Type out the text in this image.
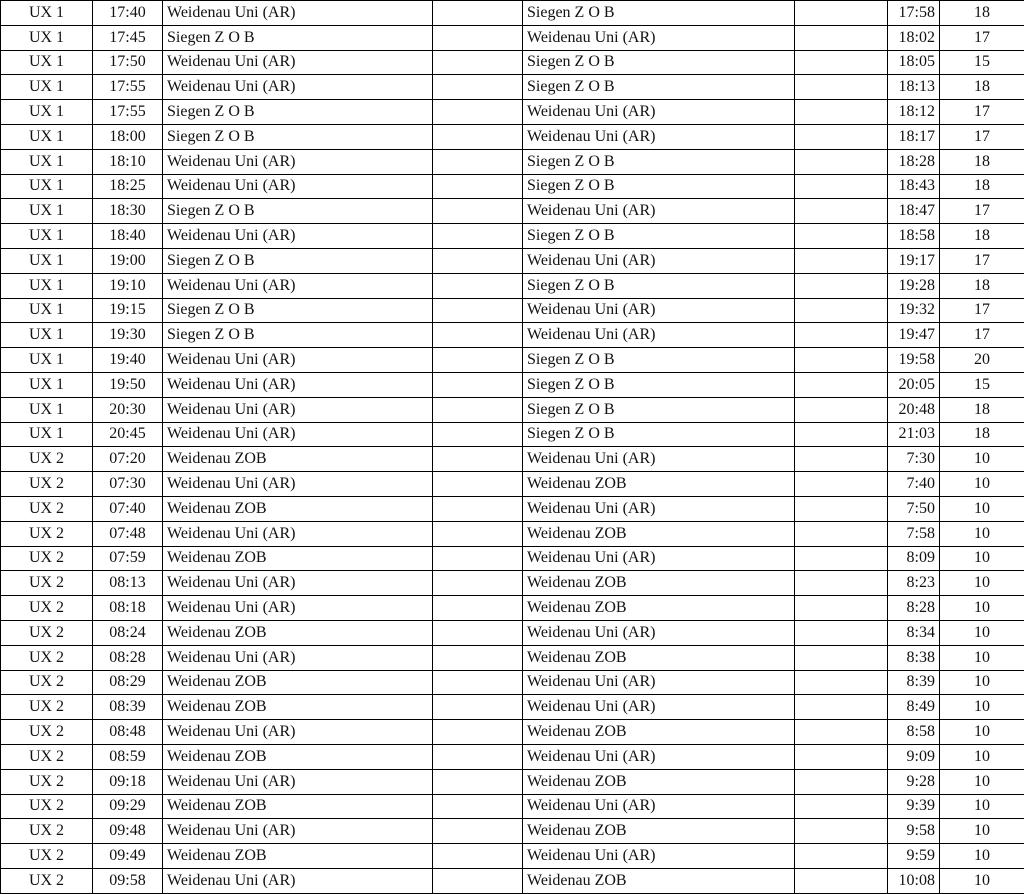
UX 1	17:40	Weidenau Uni (AR)		Siegen Z O B		17:58	18
UX 1	17:45	Siegen Z O B		Weidenau Uni (AR)		18:02	17
UX 1	17:50	Weidenau Uni (AR)		Siegen Z O B		18:05	15
UX 1	17:55	Weidenau Uni (AR)		Siegen Z O B		18:13	18
UX 1	17:55	Siegen Z O B		Weidenau Uni (AR)		18:12	17
UX 1	18:00	Siegen Z O B		Weidenau Uni (AR)		18:17	17
UX 1	18:10	Weidenau Uni (AR)		Siegen Z O B		18:28	18
UX 1	18:25	Weidenau Uni (AR)		Siegen Z O B		18:43	18
UX 1	18:30	Siegen Z O B		Weidenau Uni (AR)		18:47	17
UX 1	18:40	Weidenau Uni (AR)		Siegen Z O B		18:58	18
UX 1	19:00	Siegen Z O B		Weidenau Uni (AR)		19:17	17
UX 1	19:10	Weidenau Uni (AR)		Siegen Z O B		19:28	18
UX 1	19:15	Siegen Z O B		Weidenau Uni (AR)		19:32	17
UX 1	19:30	Siegen Z O B		Weidenau Uni (AR)		19:47	17
UX 1	19:40	Weidenau Uni (AR)		Siegen Z O B		19:58	20
UX 1	19:50	Weidenau Uni (AR)		Siegen Z O B		20:05	15
UX 1	20:30	Weidenau Uni (AR)		Siegen Z O B		20:48	18
UX 1	20:45	Weidenau Uni (AR)		Siegen Z O B		21:03	18
UX 2	07:20	Weidenau ZOB		Weidenau Uni (AR)		7:30	10
UX 2	07:30	Weidenau Uni (AR)		Weidenau ZOB		7:40	10
UX 2	07:40	Weidenau ZOB		Weidenau Uni (AR)		7:50	10
UX 2	07:48	Weidenau Uni (AR)		Weidenau ZOB		7:58	10
UX 2	07:59	Weidenau ZOB		Weidenau Uni (AR)		8:09	10
UX 2	08:13	Weidenau Uni (AR)		Weidenau ZOB		8:23	10
UX 2	08:18	Weidenau Uni (AR)		Weidenau ZOB		8:28	10
UX 2	08:24	Weidenau ZOB		Weidenau Uni (AR)		8:34	10
UX 2	08:28	Weidenau Uni (AR)		Weidenau ZOB		8:38	10
UX 2	08:29	Weidenau ZOB		Weidenau Uni (AR)		8:39	10
UX 2	08:39	Weidenau ZOB		Weidenau Uni (AR)		8:49	10
UX 2	08:48	Weidenau Uni (AR)		Weidenau ZOB		8:58	10
UX 2	08:59	Weidenau ZOB		Weidenau Uni (AR)		9:09	10
UX 2	09:18	Weidenau Uni (AR)		Weidenau ZOB		9:28	10
UX 2	09:29	Weidenau ZOB		Weidenau Uni (AR)		9:39	10
UX 2	09:48	Weidenau Uni (AR)		Weidenau ZOB		9:58	10
UX 2	09:49	Weidenau ZOB		Weidenau Uni (AR)		9:59	10
UX 2	09:58	Weidenau Uni (AR)		Weidenau ZOB		10:08	10
